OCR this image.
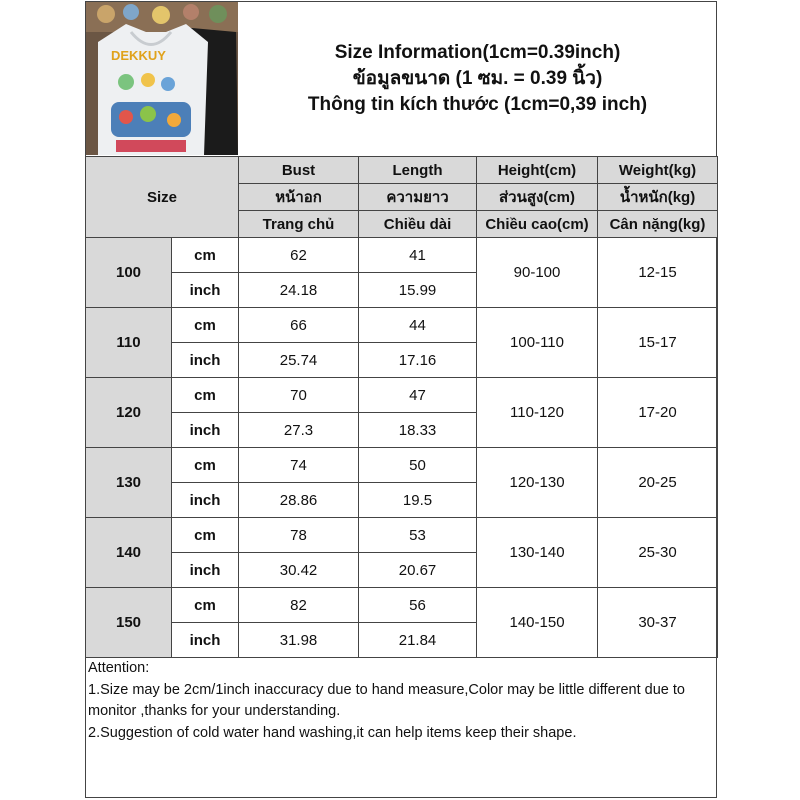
DEKKUY	Size Information(1cm=0.39inch)
ข้อมูลขนาด (1 ซม. = 0.39 นิ้ว)
Thông tin kích thước (1cm=0,39 inch)
Size		Bust	Length	Height(cm)	Weight(kg)
		หน้าอก	ความยาว	ส่วนสูง(cm)	น้ำหนัก(kg)
		Trang chủ	Chiều dài	Chiều cao(cm)	Cân nặng(kg)
100	cm	62	41	90-100	12-15
	inch	24.18	15.99		
110	cm	66	44	100-110	15-17
	inch	25.74	17.16		
120	cm	70	47	110-120	17-20
	inch	27.3	18.33		
130	cm	74	50	120-130	20-25
	inch	28.86	19.5		
140	cm	78	53	130-140	25-30
	inch	30.42	20.67		
150	cm	82	56	140-150	30-37
	inch	31.98	21.84		
Attention:
1.Size may be 2cm/1inch inaccuracy due to hand measure,Color may be little different due to monitor ,thanks for your understanding.
2.Suggestion of cold water hand washing,it can help items keep their shape.
